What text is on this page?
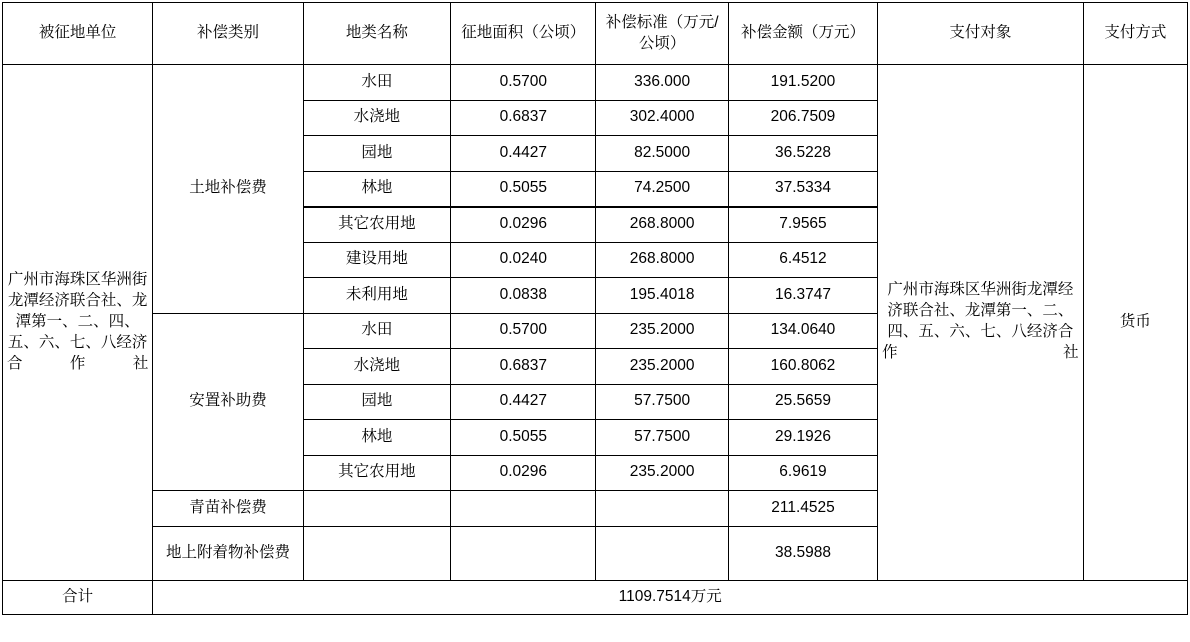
被征地单位	补偿类别	地类名称	征地面积（公顷）	补偿标准（万元/公顷）	补偿金额（万元）	支付对象	支付方式
广州市海珠区华洲街龙潭经济联合社、龙潭第一、二、四、五、六、七、八经济合作社	土地补偿费	水田	0.5700	336.000	191.5200	广州市海珠区华洲街龙潭经济联合社、龙潭第一、二、四、五、六、七、八经济合作社	货币
		水浇地	0.6837	302.4000	206.7509		
		园地	0.4427	82.5000	36.5228		
		林地	0.5055	74.2500	37.5334		
		其它农用地	0.0296	268.8000	7.9565		
		建设用地	0.0240	268.8000	6.4512		
		未利用地	0.0838	195.4018	16.3747		
	安置补助费	水田	0.5700	235.2000	134.0640		
		水浇地	0.6837	235.2000	160.8062		
		园地	0.4427	57.7500	25.5659		
		林地	0.5055	57.7500	29.1926		
		其它农用地	0.0296	235.2000	6.9619		
	青苗补偿费				211.4525		
	地上附着物补偿费				38.5988		
合计	1109.7514万元						
